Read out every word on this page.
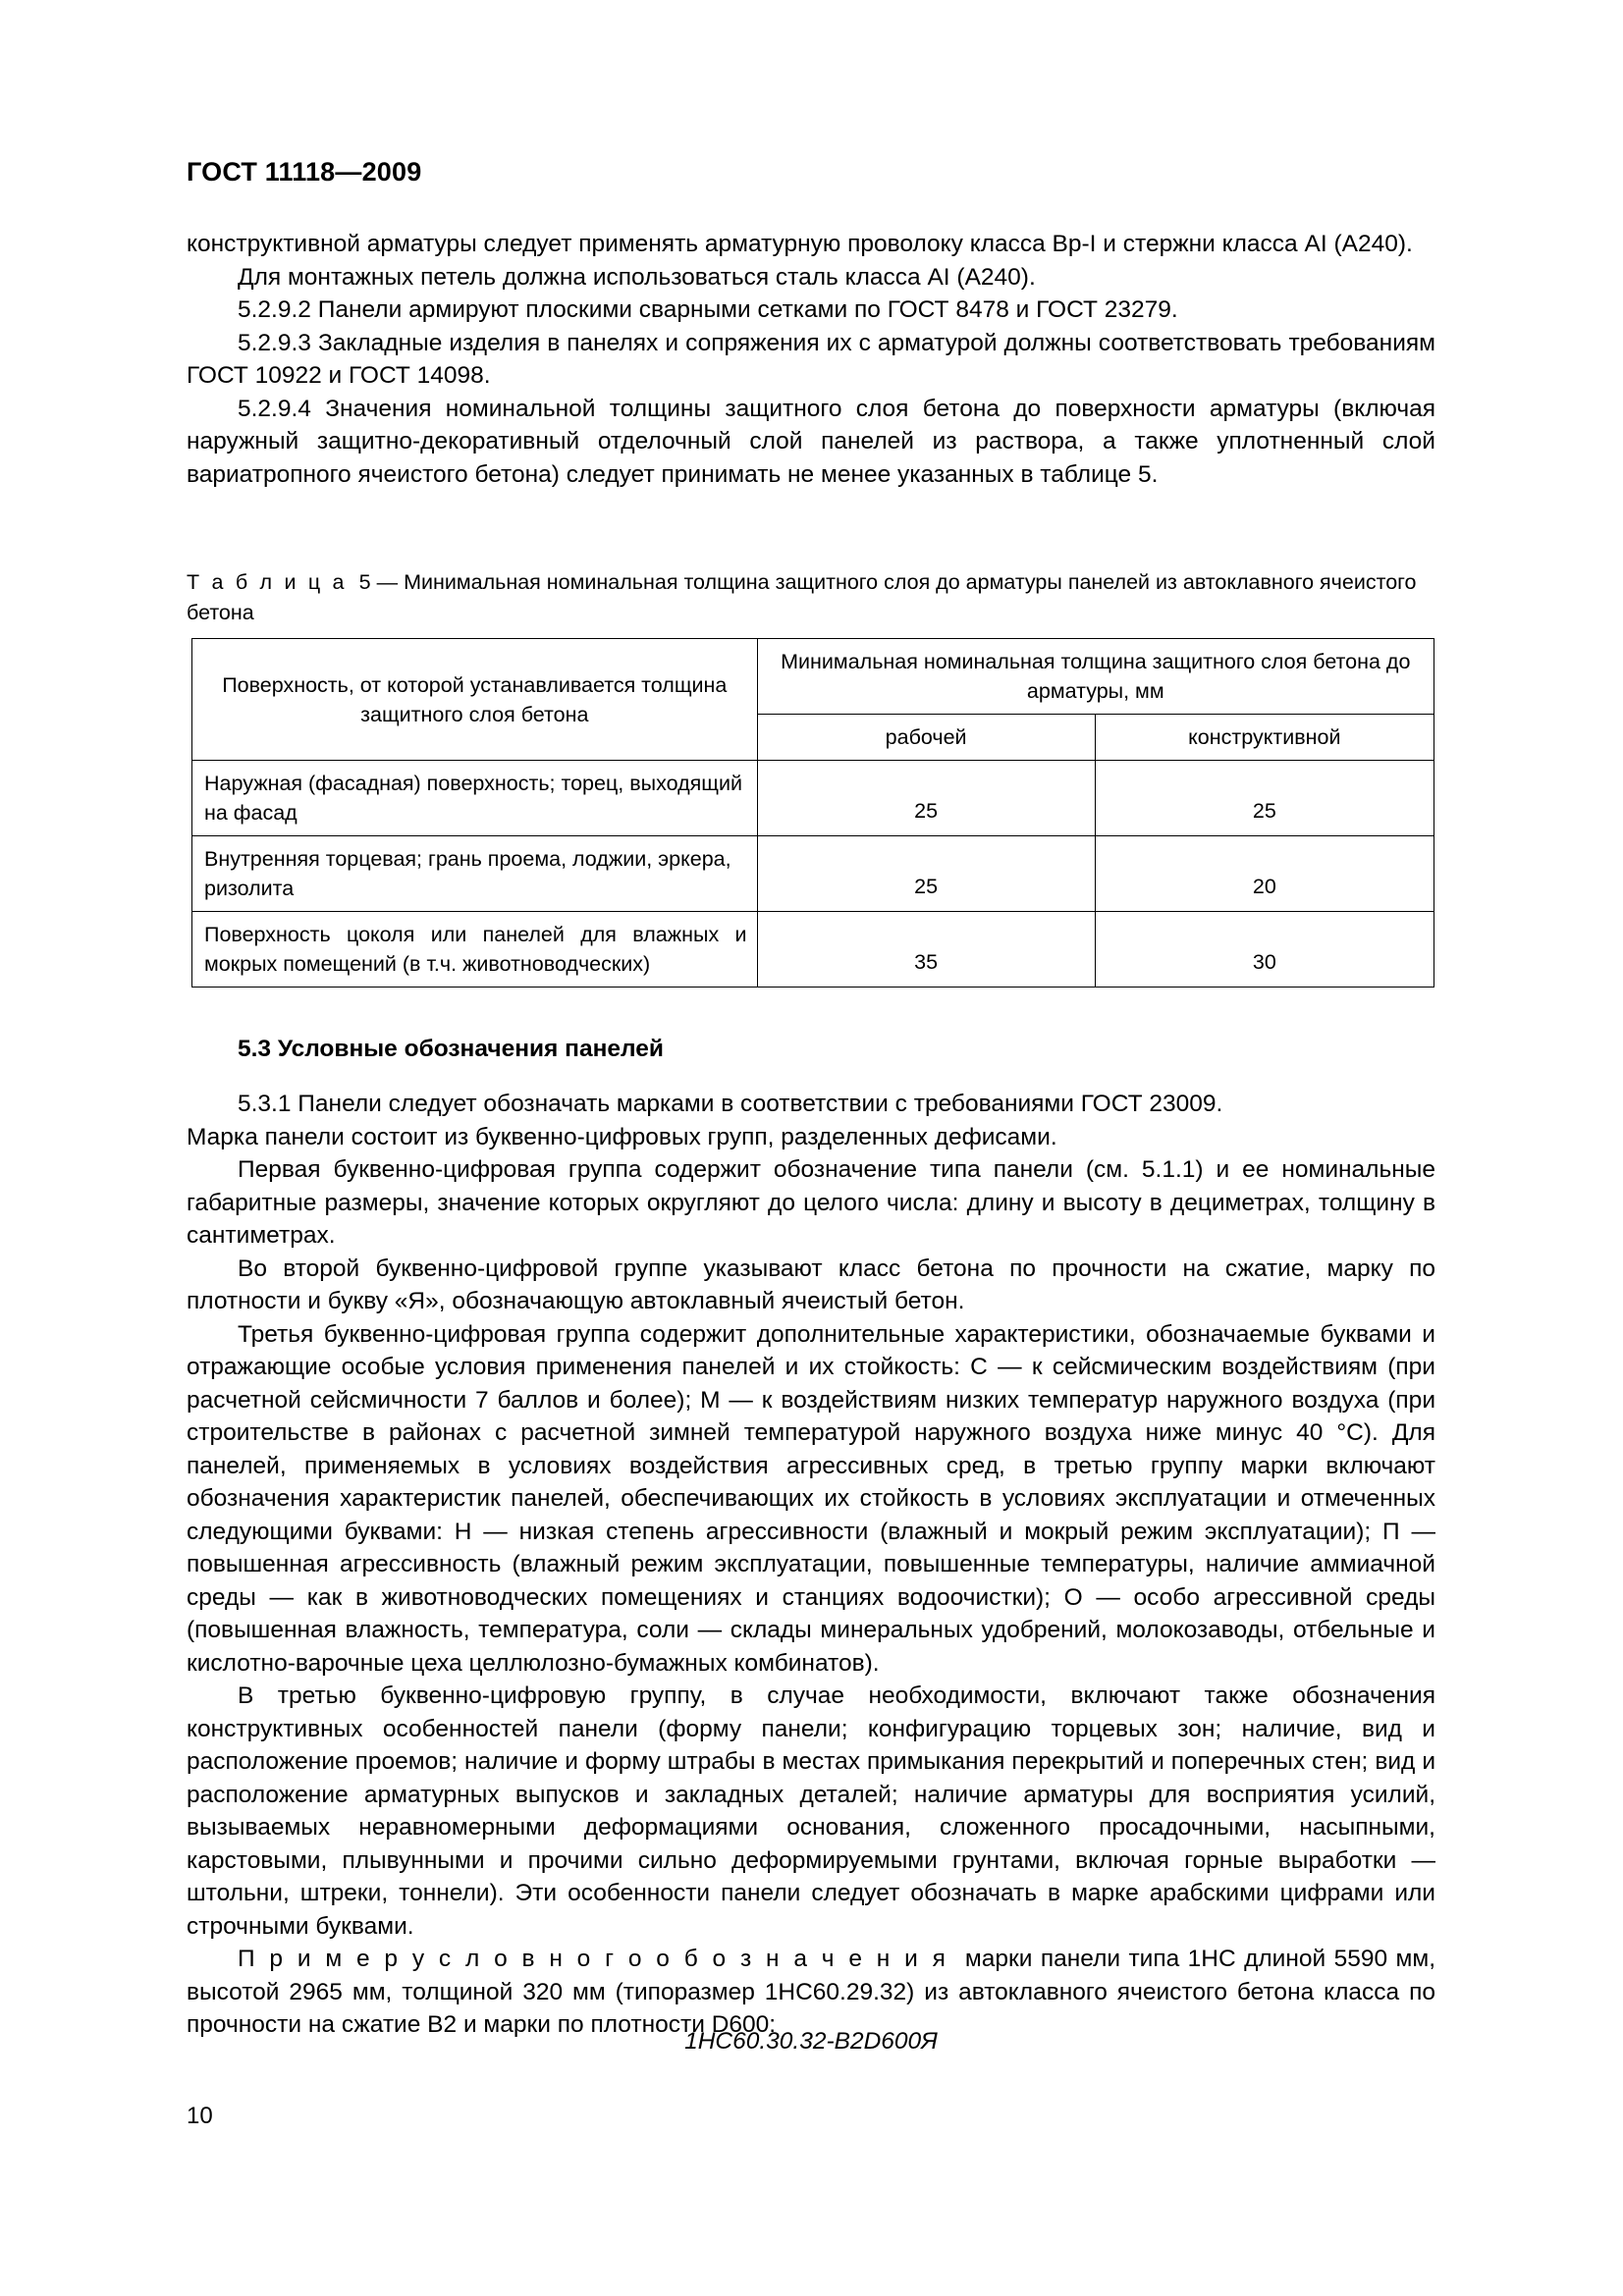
ГОСТ 11118—2009

конструктивной арматуры следует применять арматурную проволоку класса Вр-I и стержни класса АI (А240).

Для монтажных петель должна использоваться сталь класса АI (А240).

5.2.9.2 Панели армируют плоскими сварными сетками по ГОСТ 8478 и ГОСТ 23279.

5.2.9.3 Закладные изделия в панелях и сопряжения их с арматурой должны соответствовать требованиям ГОСТ 10922 и ГОСТ 14098.

5.2.9.4 Значения номинальной толщины защитного слоя бетона до поверхности арматуры (включая наружный защитно-декоративный отделочный слой панелей из раствора, а также уплотненный слой вариатропного ячеистого бетона) следует принимать не менее указанных в таблице 5.

Т а б л и ц а 5 — Минимальная номинальная толщина защитного слоя до арматуры панелей из автоклавного ячеистого бетона
Поверхность, от которой устанавливается толщина защитного слоя бетона	Минимальная номинальная толщина защитного слоя бетона до арматуры, мм	
	рабочей	конструктивной
Наружная (фасадная) поверхность; торец, выходящий на фасад	25	25
Внутренняя торцевая; грань проема, лоджии, эркера, ризолита	25	20
Поверхность цоколя или панелей для влажных и мокрых помещений (в т.ч. животноводческих)	35	30
5.3 Условные обозначения панелей

5.3.1 Панели следует обозначать марками в соответствии с требованиями ГОСТ 23009.

Марка панели состоит из буквенно-цифровых групп, разделенных дефисами.

Первая буквенно-цифровая группа содержит обозначение типа панели (см. 5.1.1) и ее номинальные габаритные размеры, значение которых округляют до целого числа: длину и высоту в дециметрах, толщину в сантиметрах.

Во второй буквенно-цифровой группе указывают класс бетона по прочности на сжатие, марку по плотности и букву «Я», обозначающую автоклавный ячеистый бетон.

Третья буквенно-цифровая группа содержит дополнительные характеристики, обозначаемые буквами и отражающие особые условия применения панелей и их стойкость: С — к сейсмическим воздействиям (при расчетной сейсмичности 7 баллов и более); М — к воздействиям низких температур наружного воздуха (при строительстве в районах с расчетной зимней температурой наружного воздуха ниже минус 40 °С). Для панелей, применяемых в условиях воздействия агрессивных сред, в третью группу марки включают обозначения характеристик панелей, обеспечивающих их стойкость в условиях эксплуатации и отмеченных следующими буквами: Н — низкая степень агрессивности (влажный и мокрый режим эксплуатации); П — повышенная агрессивность (влажный режим эксплуатации, повышенные температуры, наличие аммиачной среды — как в животноводческих помещениях и станциях водоочистки); О — особо агрессивной среды (повышенная влажность, температура, соли — склады минеральных удобрений, молокозаводы, отбельные и кислотно-варочные цеха целлюлозно-бумажных комбинатов).

В третью буквенно-цифровую группу, в случае необходимости, включают также обозначения конструктивных особенностей панели (форму панели; конфигурацию торцевых зон; наличие, вид и расположение проемов; наличие и форму штрабы в местах примыкания перекрытий и поперечных стен; вид и расположение арматурных выпусков и закладных деталей; наличие арматуры для восприятия усилий, вызываемых неравномерными деформациями основания, сложенного просадочными, насыпными, карстовыми, плывунными и прочими сильно деформируемыми грунтами, включая горные выработки — штольни, штреки, тоннели). Эти особенности панели следует обозначать в марке арабскими цифрами или строчными буквами.

П р и м е р у с л о в н о г о о б о з н а ч е н и я марки панели типа 1НС длиной 5590 мм, высотой 2965 мм, толщиной 320 мм (типоразмер 1НС60.29.32) из автоклавного ячеистого бетона класса по прочности на сжатие В2 и марки по плотности D600:

1НС60.30.32-В2D600Я
10
